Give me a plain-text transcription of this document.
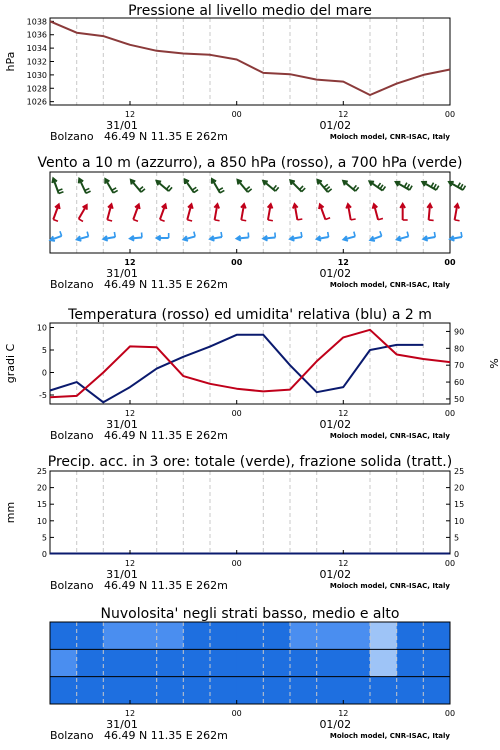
Pressione al livello medio del mare
1026
1028
1030
1032
1034
1036
1038
hPa
12	00	12	00
31/01	01/02
Bolzano 46.49 N 11.35 E 262m	Moloch model, CNR-ISAC, Italy
Vento a 10 m (azzurro), a 850 hPa (rosso), a 700 hPa (verde)
12	00	12	00
31/01	01/02
Bolzano 46.49 N 11.35 E 262m	Moloch model, CNR-ISAC, Italy
Temperatura (rosso) ed umidita' relativa (blu) a 2 m
-5
0
5
10
50
60
70
80
90
gradi C	%
12	00	12	00
31/01	01/02
Bolzano 46.49 N 11.35 E 262m	Moloch model, CNR-ISAC, Italy
Precip. acc. in 3 ore: totale (verde), frazione solida (tratt.)
0
5
10
15
20
25
0
5
10
15
20
25
mm
12	00	12	00
31/01	01/02
Bolzano 46.49 N 11.35 E 262m	Moloch model, CNR-ISAC, Italy
Nuvolosita' negli strati basso, medio e alto
12	00	12	00
31/01	01/02
Bolzano 46.49 N 11.35 E 262m	Moloch model, CNR-ISAC, Italy
